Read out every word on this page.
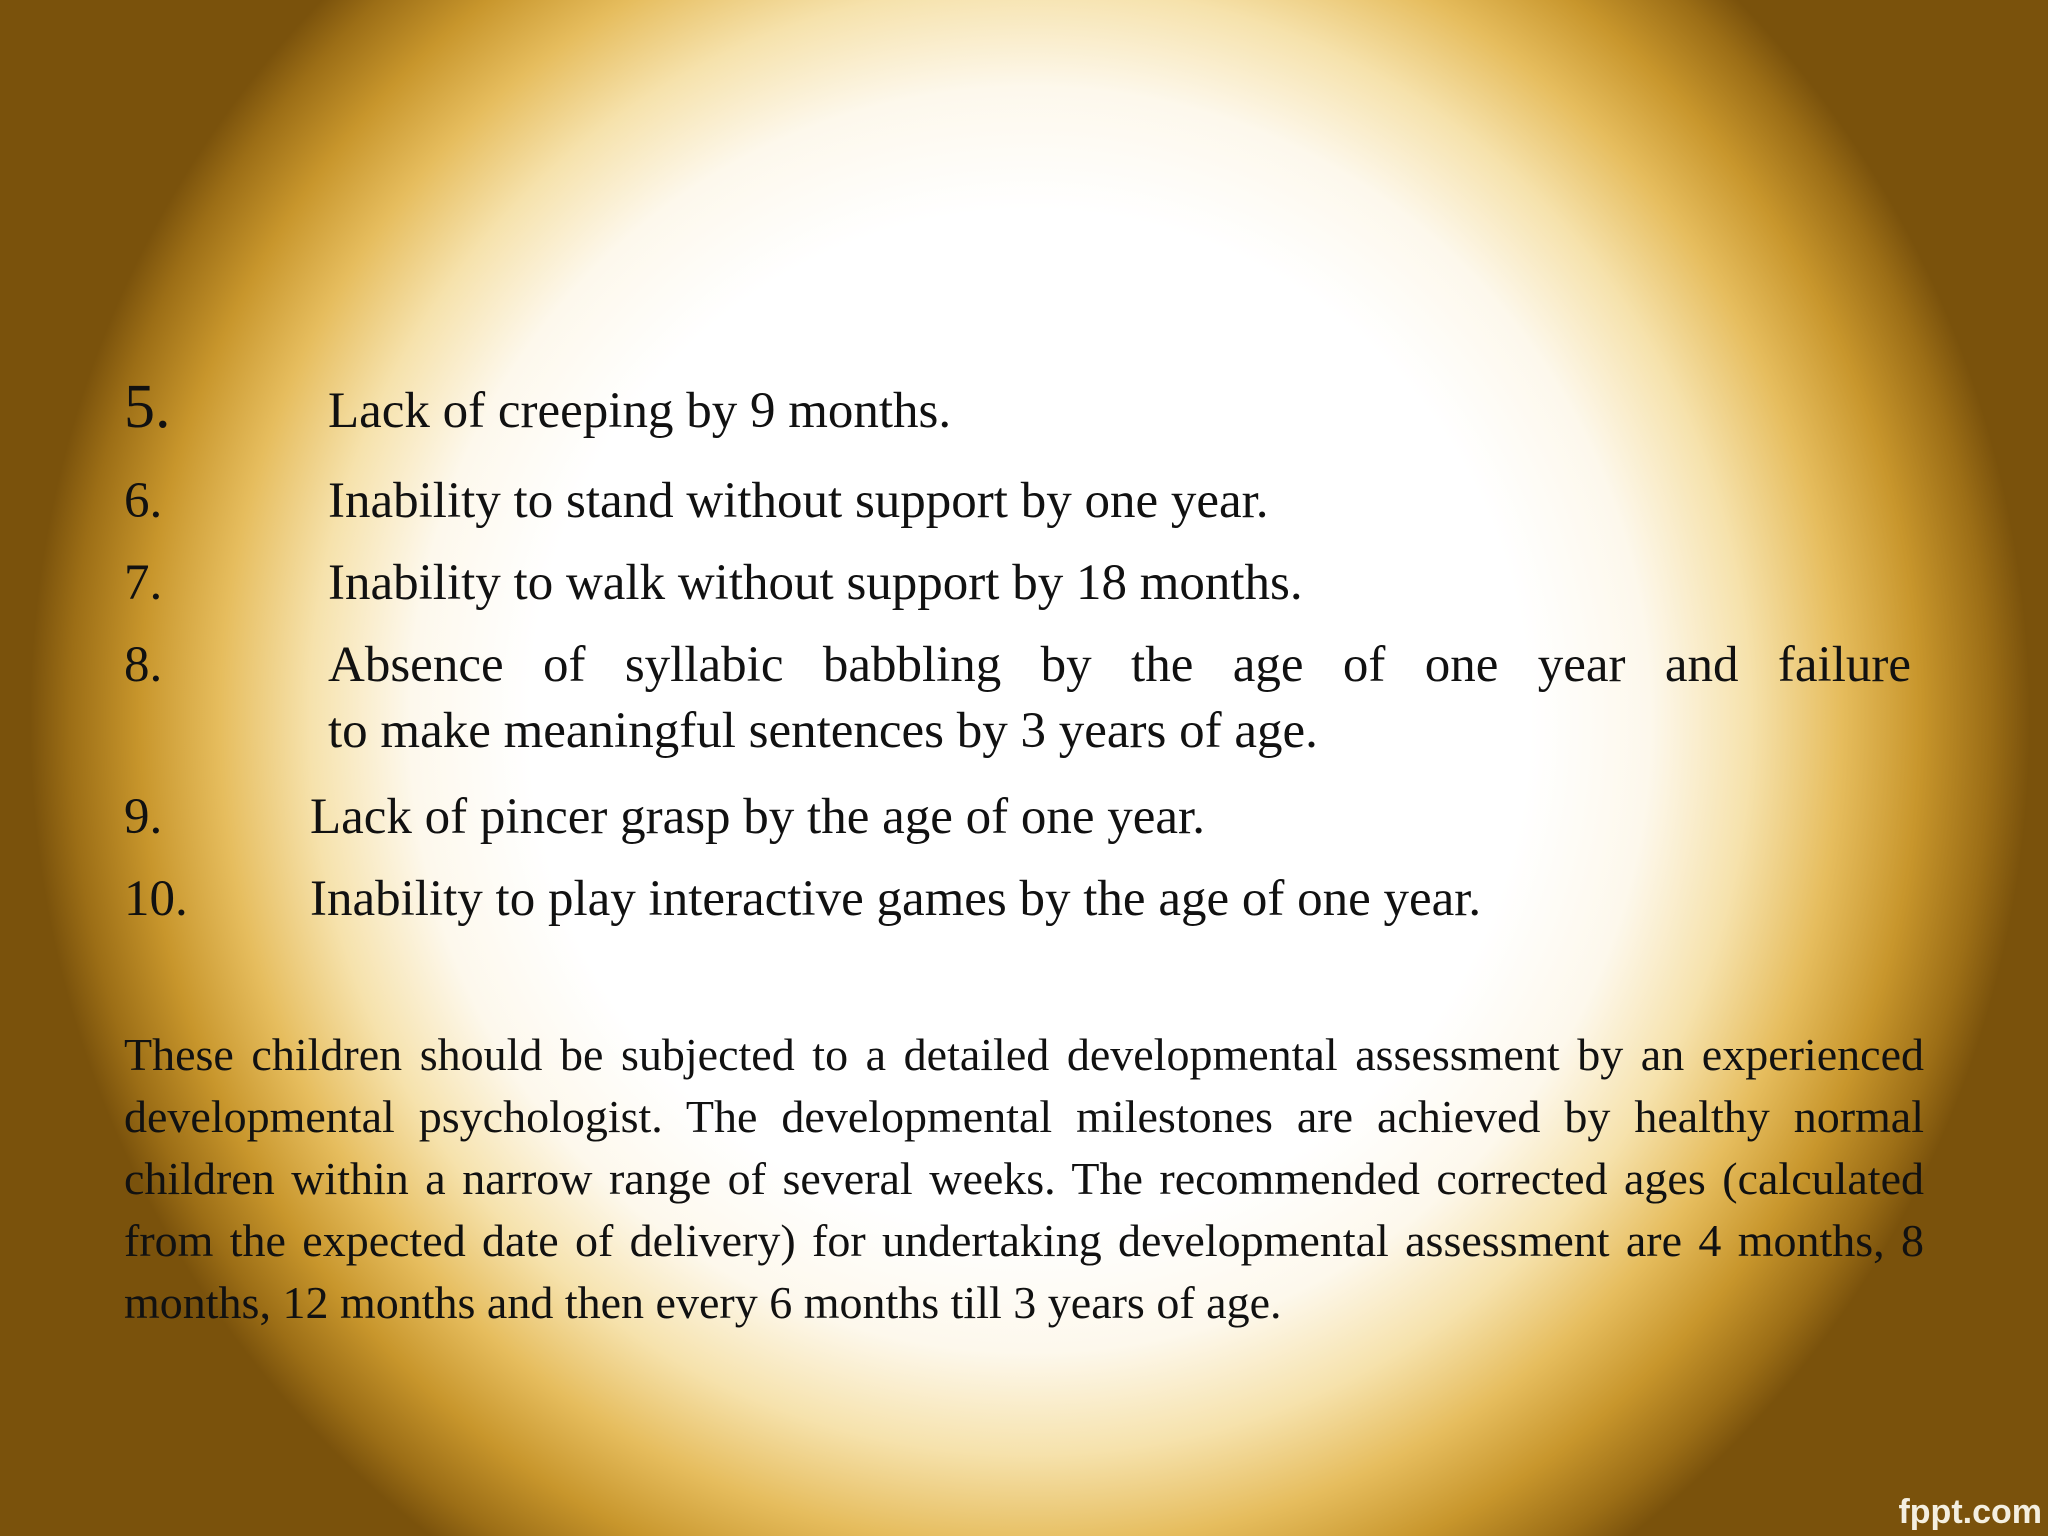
5.	Lack of creeping by 9 months.
6.	Inability to stand without support by one year.
7.	Inability to walk without support by 18 months.
8.	Absence of syllabic babbling by the age of one year and failure
to make meaningful sentences by 3 years of age.
9.	Lack of pincer grasp by the age of one year.
10. Inability to play interactive games by the age of one year.
These children should be subjected to a detailed developmental assessment by an experienced developmental psychologist. The developmental milestones are achieved by healthy normal children within a narrow range of several weeks. The recommended corrected ages (calculated from the expected date of delivery) for undertaking developmental assessment are 4 months, 8 months, 12 months and then every 6 months till 3 years of age.
fppt.com
